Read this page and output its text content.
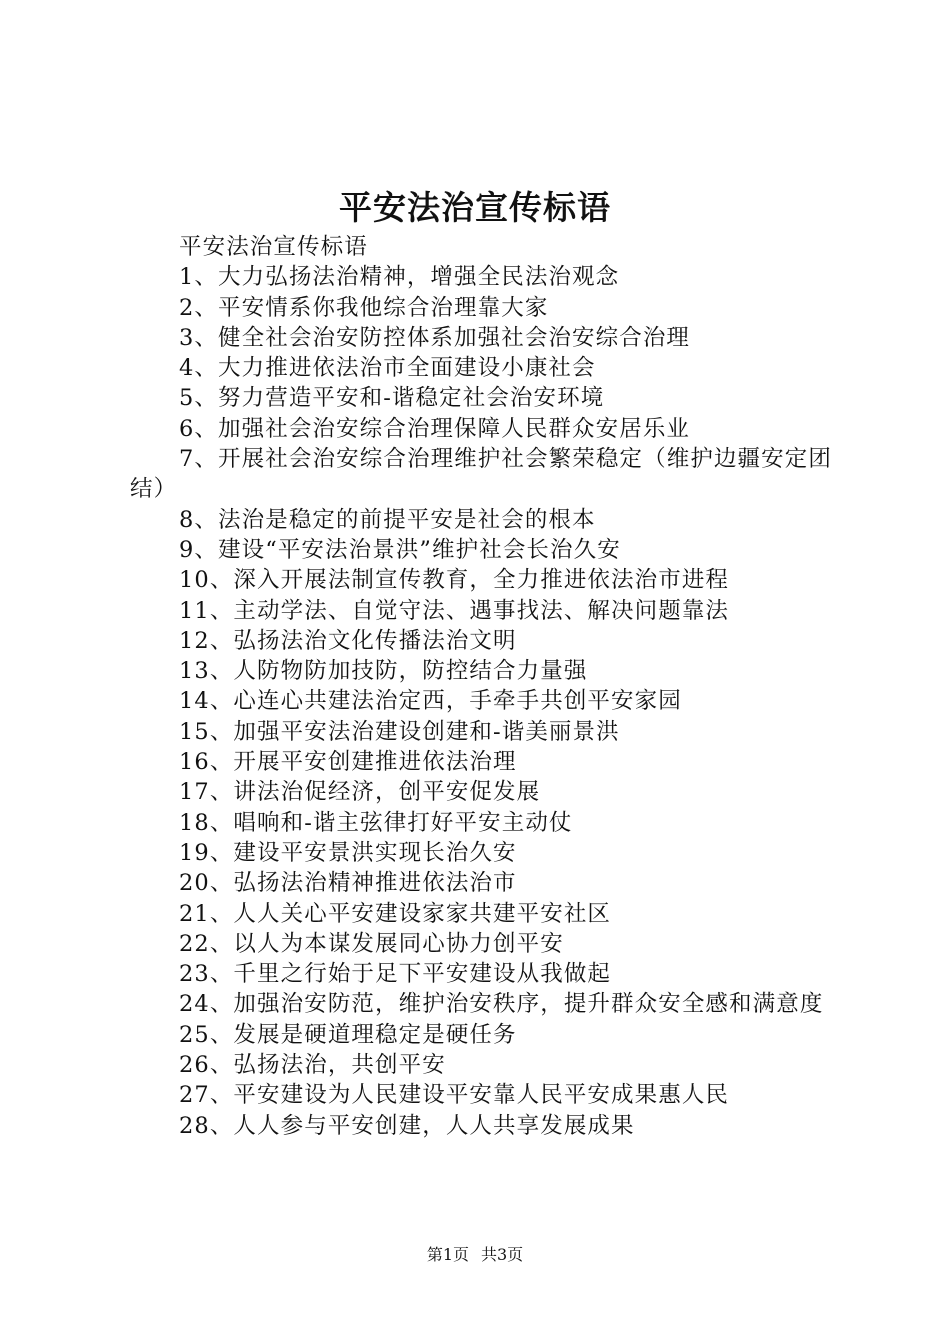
平安法治宣传标语

平安法治宣传标语

1、大力弘扬法治精神，增强全民法治观念

2、平安情系你我他综合治理靠大家

3、健全社会治安防控体系加强社会治安综合治理

4、大力推进依法治市全面建设小康社会

5、努力营造平安和-谐稳定社会治安环境

6、加强社会治安综合治理保障人民群众安居乐业

7、开展社会治安综合治理维护社会繁荣稳定（维护边疆安定团结）

8、法治是稳定的前提平安是社会的根本

9、建设“平安法治景洪”维护社会长治久安

10、深入开展法制宣传教育，全力推进依法治市进程

11、主动学法、自觉守法、遇事找法、解决问题靠法

12、弘扬法治文化传播法治文明

13、人防物防加技防，防控结合力量强

14、心连心共建法治定西，手牵手共创平安家园

15、加强平安法治建设创建和-谐美丽景洪

16、开展平安创建推进依法治理

17、讲法治促经济，创平安促发展

18、唱响和-谐主弦律打好平安主动仗

19、建设平安景洪实现长治久安

20、弘扬法治精神推进依法治市

21、人人关心平安建设家家共建平安社区

22、以人为本谋发展同心协力创平安

23、千里之行始于足下平安建设从我做起

24、加强治安防范，维护治安秩序，提升群众安全感和满意度

25、发展是硬道理稳定是硬任务

26、弘扬法治，共创平安

27、平安建设为人民建设平安靠人民平安成果惠人民

28、人人参与平安创建，人人共享发展成果

第1页 共3页
